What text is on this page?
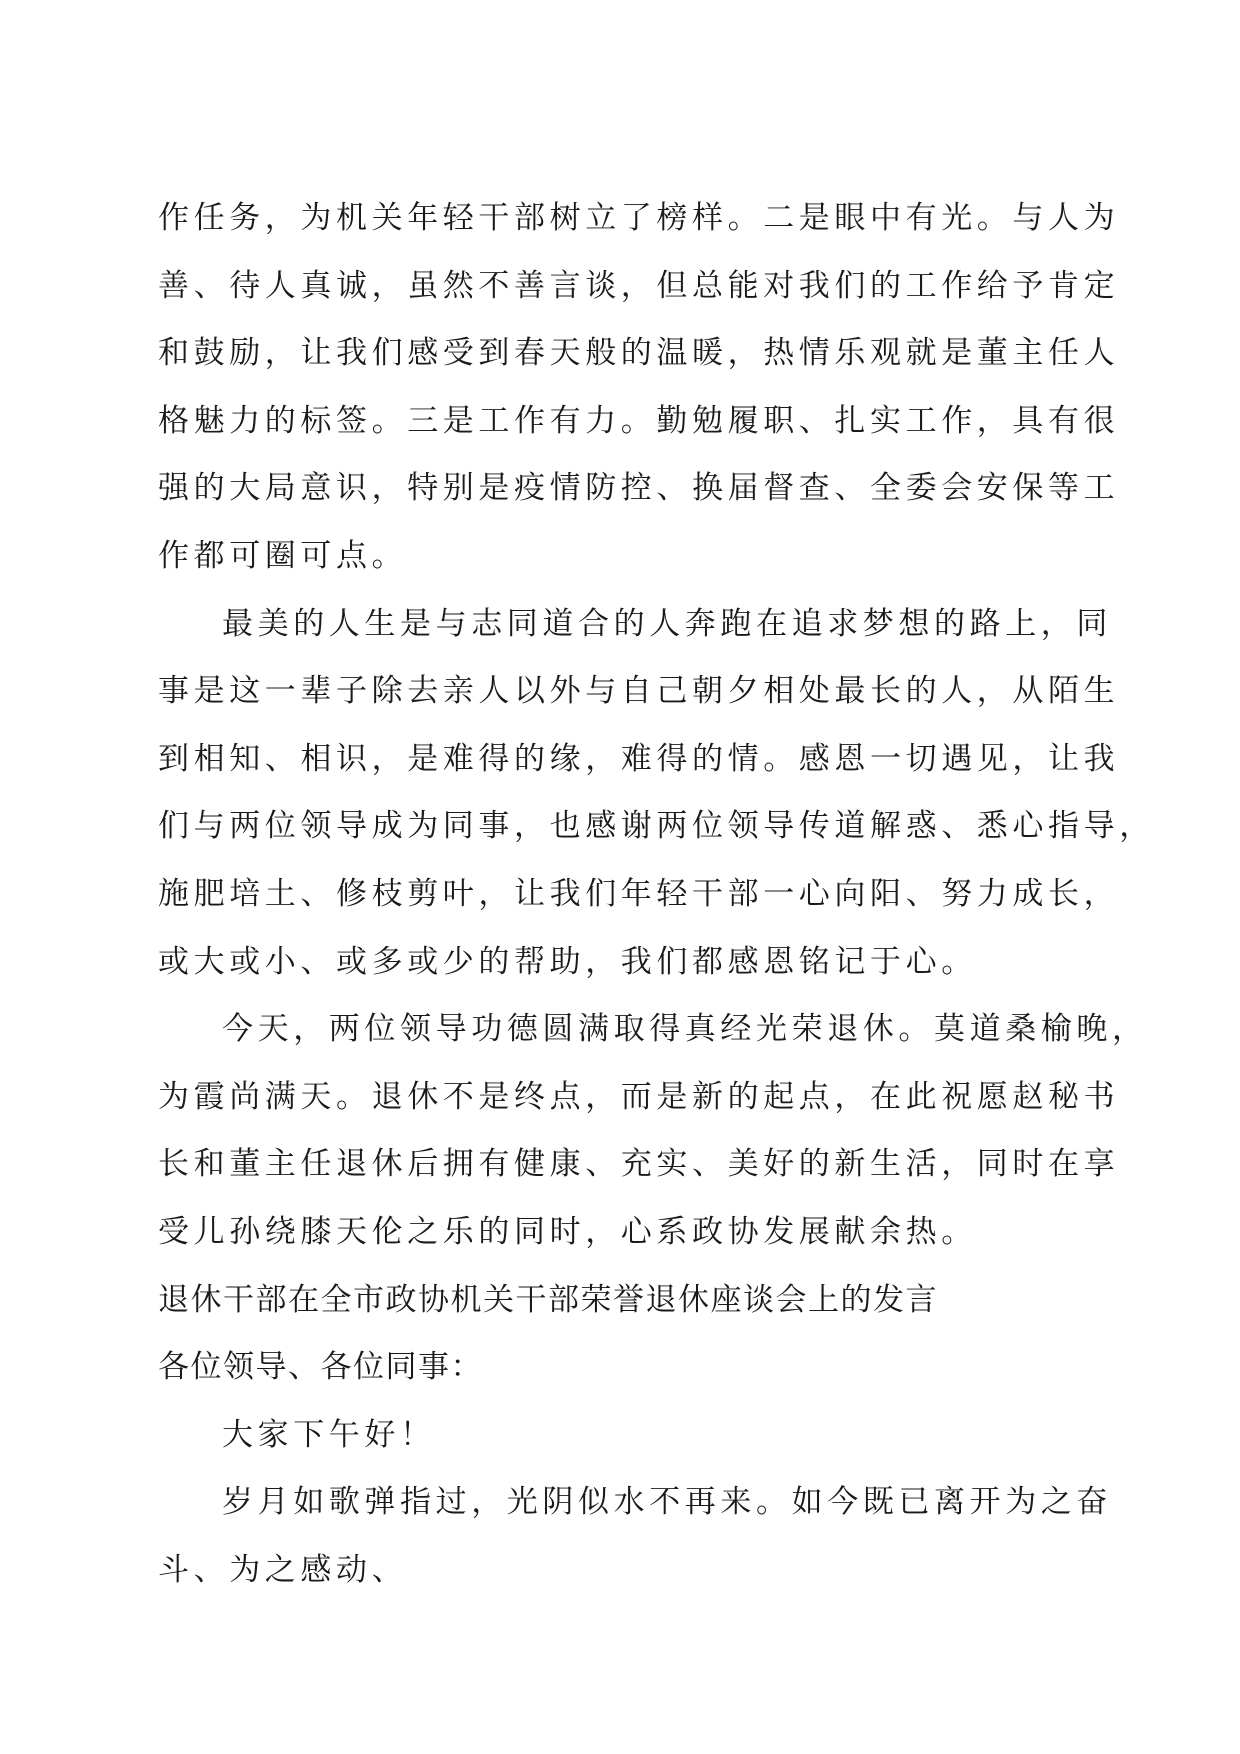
作任务，为机关年轻干部树立了榜样。二是眼中有光。与人为
善、待人真诚，虽然不善言谈，但总能对我们的工作给予肯定
和鼓励，让我们感受到春天般的温暖，热情乐观就是董主任人
格魅力的标签。三是工作有力。勤勉履职、扎实工作，具有很
强的大局意识，特别是疫情防控、换届督查、全委会安保等工
作都可圈可点。
最美的人生是与志同道合的人奔跑在追求梦想的路上，同
事是这一辈子除去亲人以外与自己朝夕相处最长的人，从陌生
到相知、相识，是难得的缘，难得的情。感恩一切遇见，让我
们与两位领导成为同事，也感谢两位领导传道解惑、悉心指导，
施肥培土、修枝剪叶，让我们年轻干部一心向阳、努力成长，
或大或小、或多或少的帮助，我们都感恩铭记于心。
今天，两位领导功德圆满取得真经光荣退休。莫道桑榆晚，
为霞尚满天。退休不是终点，而是新的起点，在此祝愿赵秘书
长和董主任退休后拥有健康、充实、美好的新生活，同时在享
受儿孙绕膝天伦之乐的同时，心系政协发展献余热。
退休干部在全市政协机关干部荣誉退休座谈会上的发言
各位领导、各位同事：
大家下午好！
岁月如歌弹指过，光阴似水不再来。如今既已离开为之奋
斗、为之感动、
